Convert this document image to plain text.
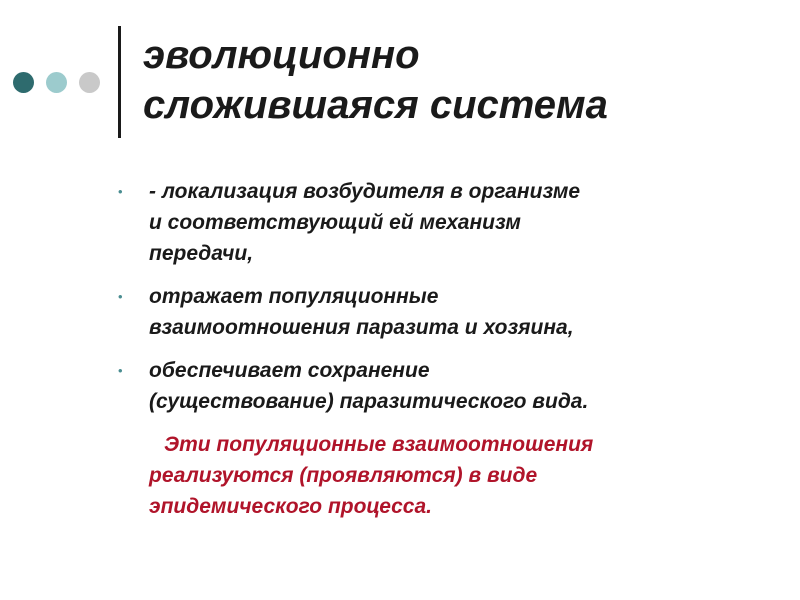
эволюционно
сложившаяся система
•	- локализация возбудителя в организме
и соответствующий ей механизм
передачи,
•	отражает популяционные
взаимоотношения паразита и хозяина,
•	обеспечивает сохранение
(существование) паразитического вида.

Эти популяционные взаимоотношения
реализуются (проявляются) в виде
эпидемического процесса.
